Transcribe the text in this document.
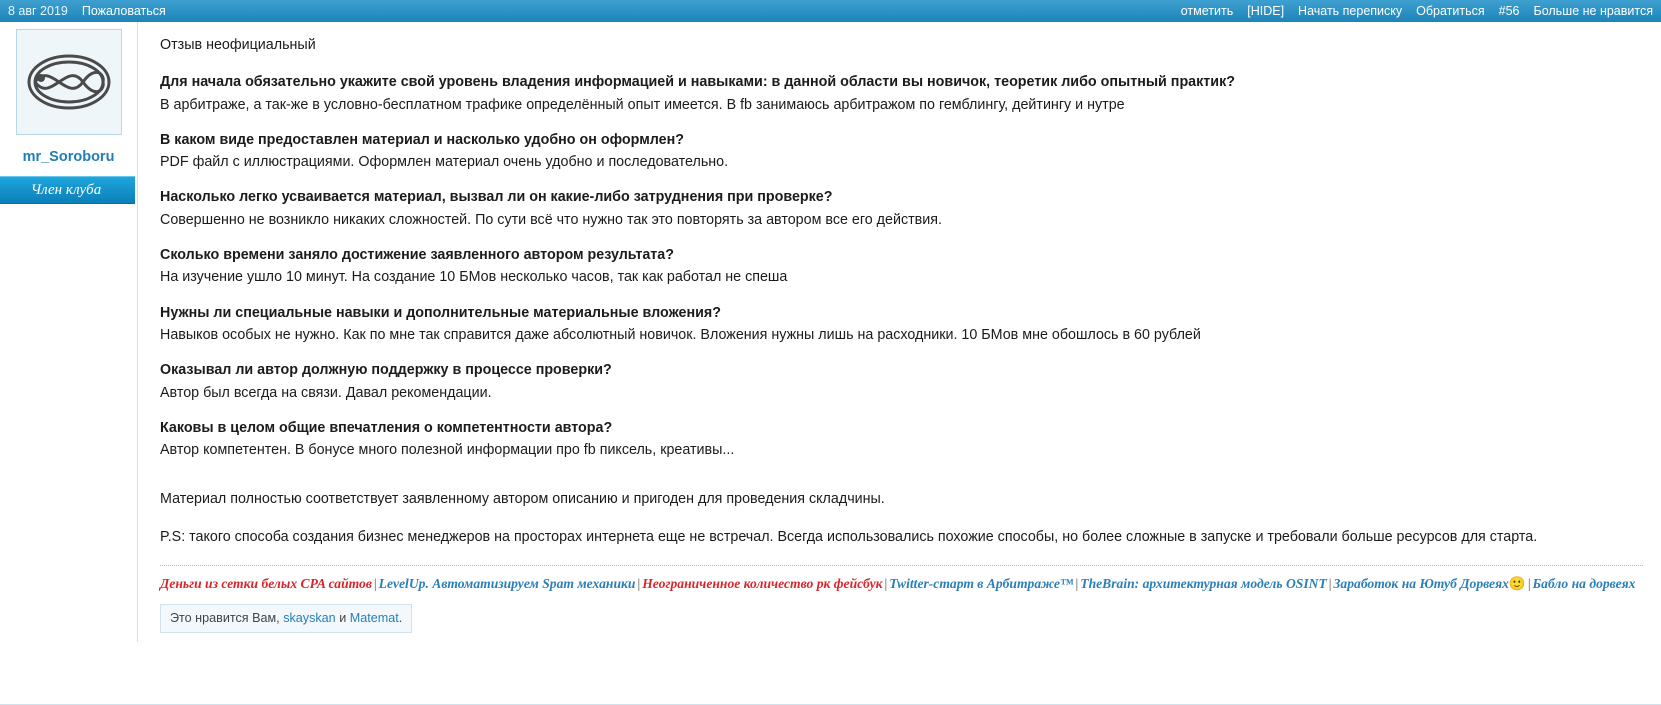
8 авг 2019 Пожаловаться	отметить [HIDE] Начать переписку Обратиться #56 Больше не нравится
mr_Soroboru
Член клуба
Отзыв неофициальный
Для начала обязательно укажите свой уровень владения информацией и навыками: в данной области вы новичок, теоретик либо опытный практик?
В арбитраже, а так-же в условно-бесплатном трафике определённый опыт имеется. В fb занимаюсь арбитражом по гемблингу, дейтингу и нутре
В каком виде предоставлен материал и насколько удобно он оформлен?
PDF файл с иллюстрациями. Оформлен материал очень удобно и последовательно.
Насколько легко усваивается материал, вызвал ли он какие-либо затруднения при проверке?
Совершенно не возникло никаких сложностей. По сути всё что нужно так это повторять за автором все его действия.
Сколько времени заняло достижение заявленного автором результата?
На изучение ушло 10 минут. На создание 10 БМов несколько часов, так как работал не спеша
Нужны ли специальные навыки и дополнительные материальные вложения?
Навыков особых не нужно. Как по мне так справится даже абсолютный новичок. Вложения нужны лишь на расходники. 10 БМов мне обошлось в 60 рублей
Оказывал ли автор должную поддержку в процессе проверки?
Автор был всегда на связи. Давал рекомендации.
Каковы в целом общие впечатления о компетентности автора?
Автор компетентен. В бонусе много полезной информации про fb пиксель, креативы...

Материал полностью соответствует заявленному автором описанию и пригоден для проведения складчины.

P.S: такого способа создания бизнес менеджеров на просторах интернета еще не встречал. Всегда использовались похожие способы, но более сложные в запуске и требовали больше ресурсов для старта.

Деньги из сетки белых CPA сайтов | LevelUp. Автоматизируем Spam механики | Неограниченное количество рк фейсбук | Twitter-старт в Арбитраже™ | TheBrain: архитектурная модель OSINT | Заработок на Ютуб Дорвеях🙂 | Бабло на дорвеях
Это нравится Вам, skayskan и Matemat.
